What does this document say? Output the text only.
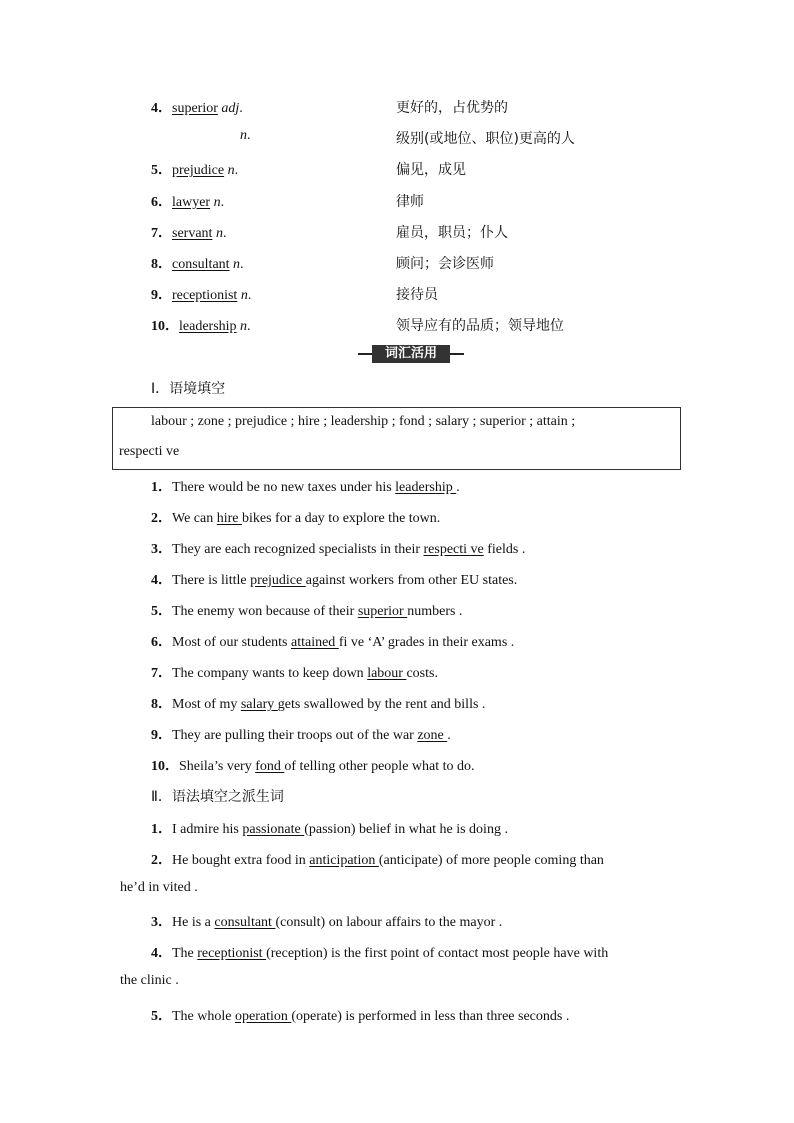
4．superior adj.	更好的，占优势的
n.	级别(或地位、职位)更高的人
5．prejudice n.	偏见，成见
6．lawyer n.	律师
7．servant n.	雇员，职员；仆人
8．consultant n.	顾问；会诊医师
9．receptionist n.	接待员
10．leadership n.	领导应有的品质；领导地位
词汇活用
Ⅰ．语境填空
labour ; zone ; prejudice ; hire ; leadership ; fond ; salary ; superior ; attain ;
respecti ve
1．There would be no new taxes under his leadership .
2．We can hire bikes for a day to explore the town.
3．They are each recognized specialists in their respecti ve fields .
4．There is little prejudice against workers from other EU states.
5．The enemy won because of their superior numbers .
6．Most of our students attained fi ve ‘A’ grades in their exams .
7．The company wants to keep down labour costs.
8．Most of my salary gets swallowed by the rent and bills .
9．They are pulling their troops out of the war zone .
10．Sheila’s very fond of telling other people what to do.
Ⅱ．语法填空之派生词
1．I admire his passionate (passion) belief in what he is doing .
2．He bought extra food in anticipation (anticipate) of more people coming than
he’d in vited .
3．He is a consultant (consult) on labour affairs to the mayor .
4．The receptionist (reception) is the first point of contact most people have with
the clinic .
5．The whole operation (operate) is performed in less than three seconds .
